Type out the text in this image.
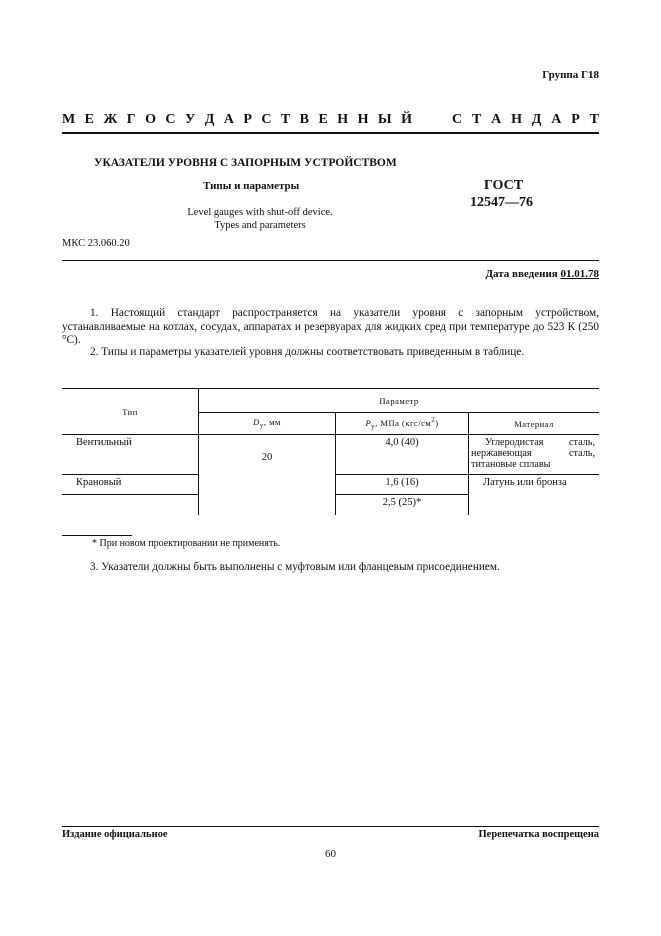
Группа Г18
М Е Ж Г О С У Д А Р С Т В Е Н Н Ы Й	С Т А Н Д А Р Т
УКАЗАТЕЛИ УРОВНЯ С ЗАПОРНЫМ УСТРОЙСТВОМ
Типы и параметры
Level gauges with shut-off device.
Types and parameters
ГОСТ
12547—76
МКС 23.060.20
Дата введения 01.01.78
1. Настоящий стандарт распространяется на указатели уровня с запорным устройством, устанавливаемые на котлах, сосудах, аппаратах и резервуарах для жидких сред при температуре до 523 К (250 °С).
2. Типы и параметры указателей уровня должны соответствовать приведенным в таблице.
Тип	Параметр		
	$D_у$, мм	$P_у$, МПа $(кгс/см^2)$	Материал
Вентильный	20	4,0 (40)	Углеродистая сталь, нержавеющая сталь, титановые сплавы
Крановый		1,6 (16)	Латунь или бронза
		2,5 (25)*	
* При новом проектировании не применять.
3. Указатели должны быть выполнены с муфтовым или фланцевым присоединением.
Издание официальное	Перепечатка воспрещена
60
